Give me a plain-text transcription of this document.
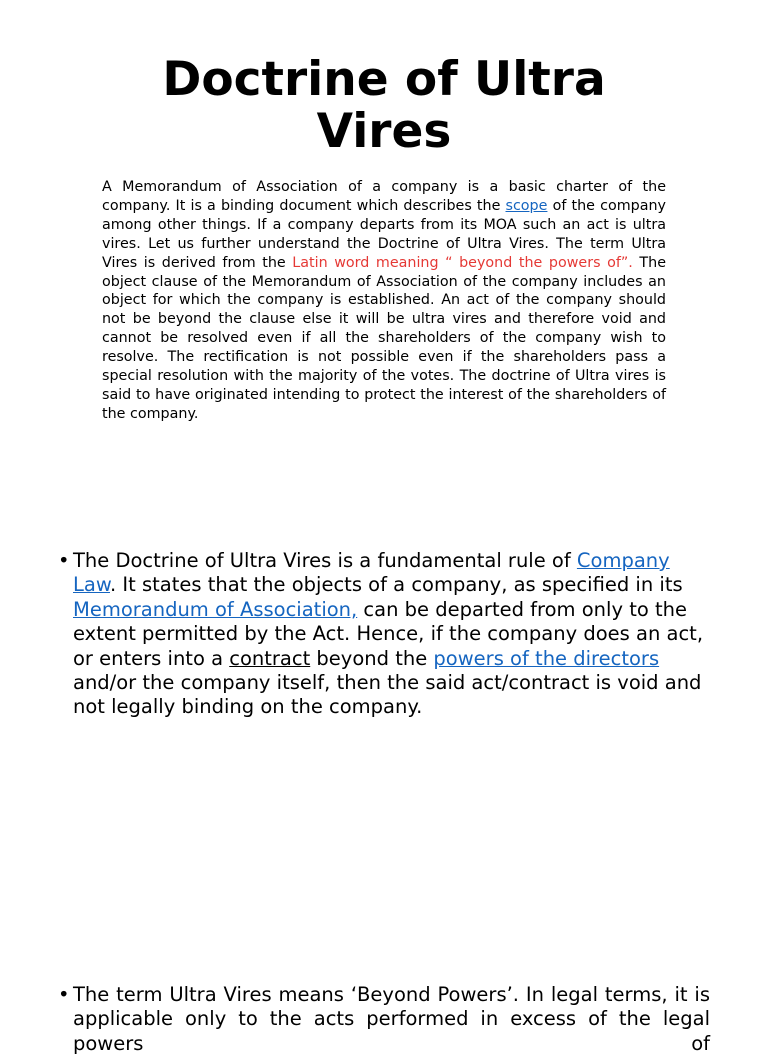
Doctrine of Ultra
Vires

A Memorandum of Association of a company is a basic charter of the company. It is a binding document which describes the scope of the company among other things. If a company departs from its MOA such an act is ultra vires. Let us further understand the Doctrine of Ultra Vires. The term Ultra Vires is derived from the Latin word meaning “ beyond the powers of”. The object clause of the Memorandum of Association of the company includes an object for which the company is established. An act of the company should not be beyond the clause else it will be ultra vires and therefore void and cannot be resolved even if all the shareholders of the company wish to resolve. The rectification is not possible even if the shareholders pass a special resolution with the majority of the votes. The doctrine of Ultra vires is said to have originated intending to protect the interest of the shareholders of the company.

• The Doctrine of Ultra Vires is a fundamental rule of Company Law. It states that the objects of a company, as specified in its Memorandum of Association, can be departed from only to the extent permitted by the Act. Hence, if the company does an act, or enters into a contract beyond the powers of the directors and/or the company itself, then the said act/contract is void and not legally binding on the company.
• The term Ultra Vires means ‘Beyond Powers’. In legal terms, it is
applicable only to the acts performed in excess of the legal powers of
